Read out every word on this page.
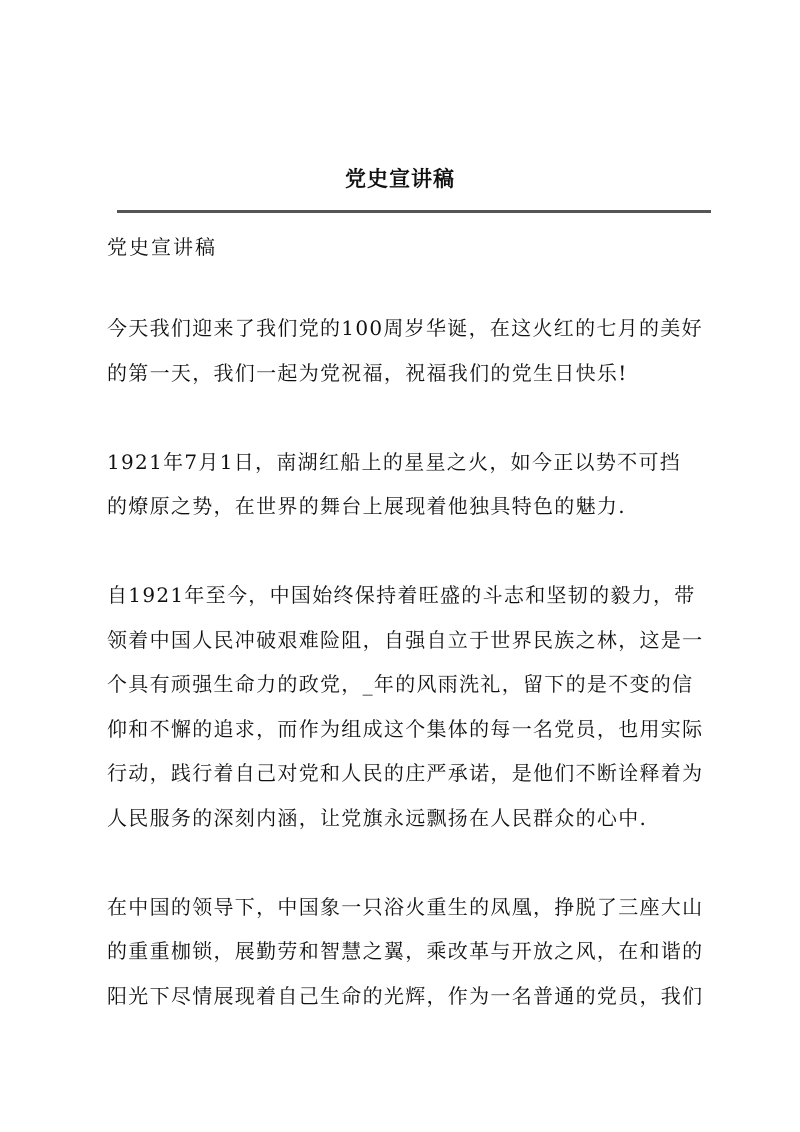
党史宣讲稿
党史宣讲稿

今天我们迎来了我们党的100周岁华诞，在这火红的七月的美好
的第一天，我们一起为党祝福，祝福我们的党生日快乐!

1921年7月1日，南湖红船上的星星之火，如今正以势不可挡
的燎原之势，在世界的舞台上展现着他独具特色的魅力.

自1921年至今，中国始终保持着旺盛的斗志和坚韧的毅力，带
领着中国人民冲破艰难险阻，自强自立于世界民族之林，这是一
个具有顽强生命力的政党，_年的风雨洗礼，留下的是不变的信
仰和不懈的追求，而作为组成这个集体的每一名党员，也用实际
行动，践行着自己对党和人民的庄严承诺，是他们不断诠释着为
人民服务的深刻内涵，让党旗永远飘扬在人民群众的心中.

在中国的领导下，中国象一只浴火重生的凤凰，挣脱了三座大山
的重重枷锁，展勤劳和智慧之翼，乘改革与开放之风，在和谐的
阳光下尽情展现着自己生命的光辉，作为一名普通的党员，我们
